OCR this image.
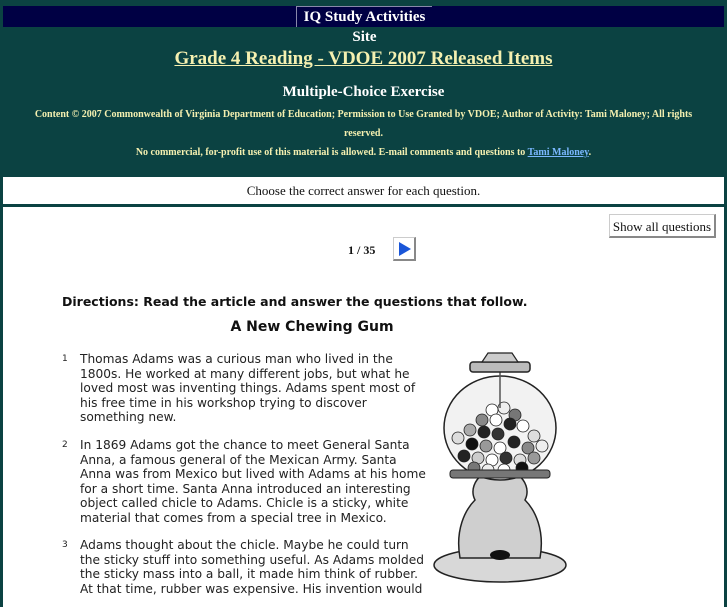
IQ Study Activities Site
Grade 4 Reading - VDOE 2007 Released Items
Multiple-Choice Exercise
Content © 2007 Commonwealth of Virginia Department of Education; Permission to Use Granted by VDOE; Author of Activity: Tami Maloney; All rights reserved.
No commercial, for-profit use of this material is allowed. E-mail comments and questions to Tami Maloney.
Choose the correct answer for each question.
Show all questions
1 / 35
Directions: Read the article and answer the questions that follow.
A New Chewing Gum
1 Thomas Adams was a curious man who lived in the
1800s. He worked at many different jobs, but what he
loved most was inventing things. Adams spent most of
his free time in his workshop trying to discover
something new.
2 In 1869 Adams got the chance to meet General Santa
Anna, a famous general of the Mexican Army. Santa
Anna was from Mexico but lived with Adams at his home
for a short time. Santa Anna introduced an interesting
object called chicle to Adams. Chicle is a sticky, white
material that comes from a special tree in Mexico.
3 Adams thought about the chicle. Maybe he could turn
the sticky stuff into something useful. As Adams molded
the sticky mass into a ball, it made him think of rubber.
At that time, rubber was expensive. His invention would
